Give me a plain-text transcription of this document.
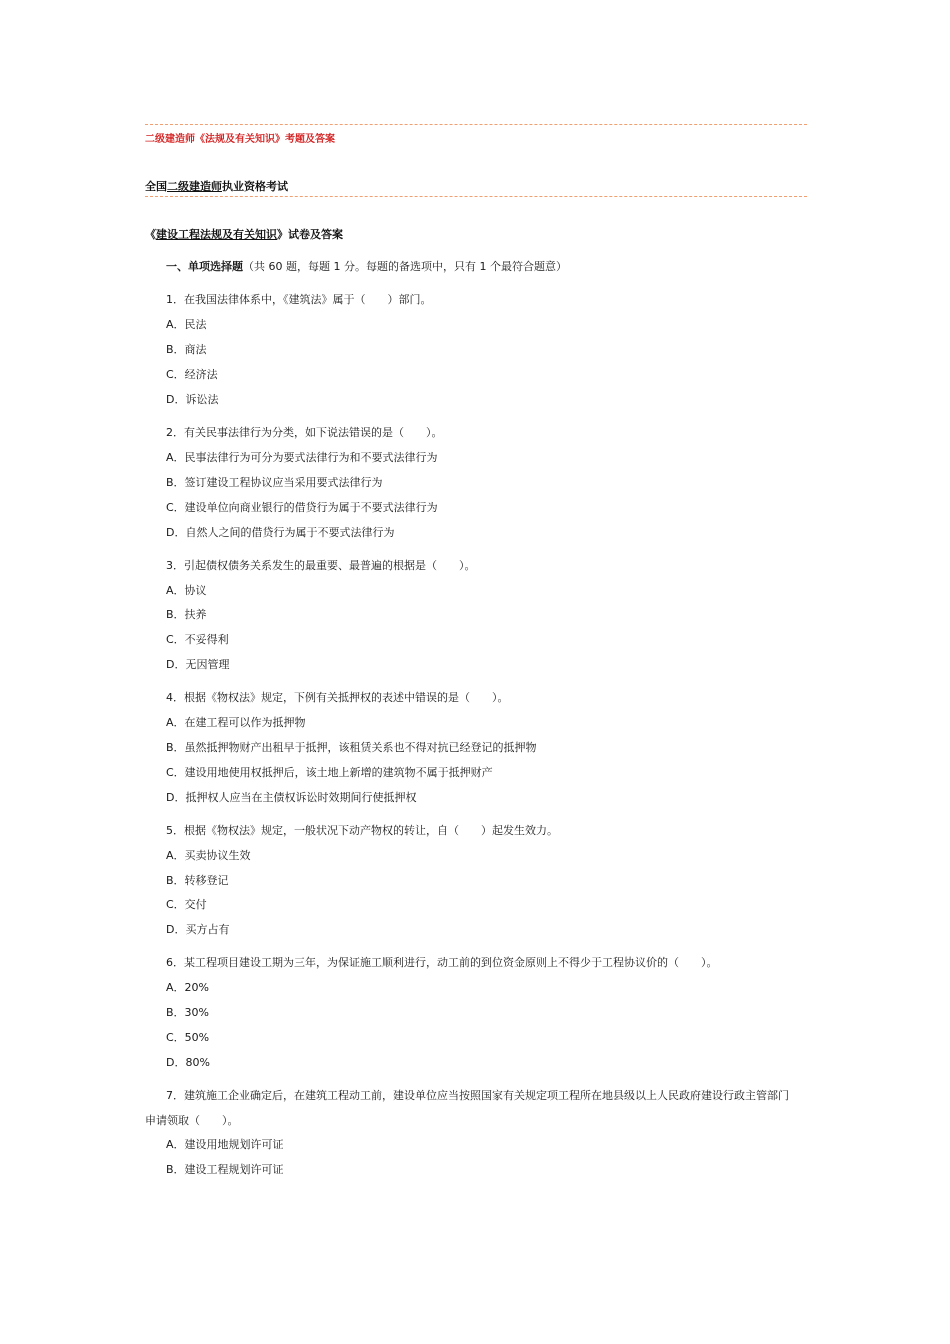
二级建造师《法规及有关知识》考题及答案
全国二级建造师执业资格考试
《建设工程法规及有关知识》试卷及答案
一、单项选择题（共 60 题，每题 1 分。每题的备选项中，只有 1 个最符合题意）
1．在我国法律体系中，《建筑法》属于（　　）部门。
A．民法
B．商法
C．经济法
D．诉讼法
2．有关民事法律行为分类，如下说法错误的是（　　）。
A．民事法律行为可分为要式法律行为和不要式法律行为
B．签订建设工程协议应当采用要式法律行为
C．建设单位向商业银行的借贷行为属于不要式法律行为
D．自然人之间的借贷行为属于不要式法律行为
3．引起债权债务关系发生的最重要、最普遍的根据是（　　）。
A．协议
B．扶养
C．不妥得利
D．无因管理
4．根据《物权法》规定，下例有关抵押权的表述中错误的是（　　）。
A．在建工程可以作为抵押物
B．虽然抵押物财产出租早于抵押，该租赁关系也不得对抗已经登记的抵押物
C．建设用地使用权抵押后，该土地上新增的建筑物不属于抵押财产
D．抵押权人应当在主债权诉讼时效期间行使抵押权
5．根据《物权法》规定，一般状况下动产物权的转让，自（　　）起发生效力。
A．买卖协议生效
B．转移登记
C．交付
D．买方占有
6．某工程项目建设工期为三年，为保证施工顺利进行，动工前的到位资金原则上不得少于工程协议价的（　　）。
A．20%
B．30%
C．50%
D．80%
7．建筑施工企业确定后，在建筑工程动工前，建设单位应当按照国家有关规定项工程所在地县级以上人民政府建设行政主管部门
申请领取（　　）。
A．建设用地规划许可证
B．建设工程规划许可证
